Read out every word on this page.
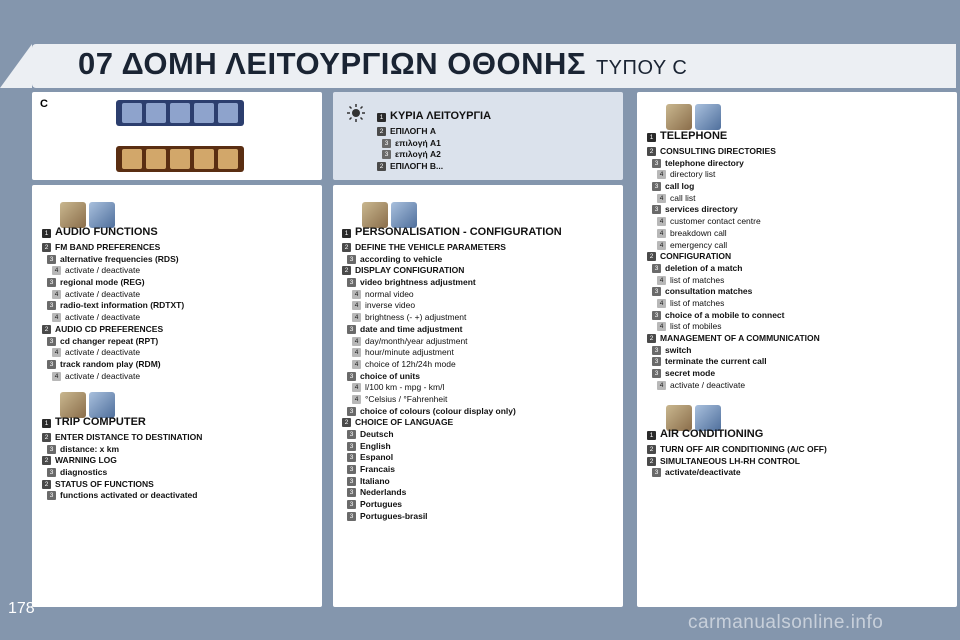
07 ΔΟΜΗ ΛΕΙΤΟΥΡΓΙΩΝ ΟΘΟΝΗΣ ΤΥΠΟΥ C
C
1 ΚΥΡΙΑ ΛΕΙΤΟΥΡΓΙΑ
2 ΕΠΙΛΟΓΗ A
3 επιλογή A1
3 επιλογή A2
2 ΕΠΙΛΟΓΗ B...
1 AUDIO FUNCTIONS
2 FM BAND PREFERENCES
3 alternative frequencies (RDS)
4 activate / deactivate
3 regional mode (REG)
4 activate / deactivate
3 radio-text information (RDTXT)
4 activate / deactivate
2 AUDIO CD PREFERENCES
3 cd changer repeat (RPT)
4 activate / deactivate
3 track random play (RDM)
4 activate / deactivate
1 TRIP COMPUTER
2 ENTER DISTANCE TO DESTINATION
3 distance: x km
2 WARNING LOG
3 diagnostics
2 STATUS OF FUNCTIONS
3 functions activated or deactivated
1 PERSONALISATION - CONFIGURATION
2 DEFINE THE VEHICLE PARAMETERS
3 according to vehicle
2 DISPLAY CONFIGURATION
3 video brightness adjustment
4 normal video
4 inverse video
4 brightness (- +) adjustment
3 date and time adjustment
4 day/month/year adjustment
4 hour/minute adjustment
4 choice of 12h/24h mode
3 choice of units
4 l/100 km - mpg - km/l
4 °Celsius / °Fahrenheit
3 choice of colours (colour display only)
2 CHOICE OF LANGUAGE
3 Deutsch
3 English
3 Espanol
3 Francais
3 Italiano
3 Nederlands
3 Portugues
3 Portugues-brasil
1 TELEPHONE
2 CONSULTING DIRECTORIES
3 telephone directory
4 directory list
3 call log
4 call list
3 services directory
4 customer contact centre
4 breakdown call
4 emergency call
2 CONFIGURATION
3 deletion of a match
4 list of matches
3 consultation matches
4 list of matches
3 choice of a mobile to connect
4 list of mobiles
2 MANAGEMENT OF A COMMUNICATION
3 switch
3 terminate the current call
3 secret mode
4 activate / deactivate
1 AIR CONDITIONING
2 TURN OFF AIR CONDITIONING (A/C OFF)
2 SIMULTANEOUS LH-RH CONTROL
3 activate/deactivate
178
carmanualsonline.info
